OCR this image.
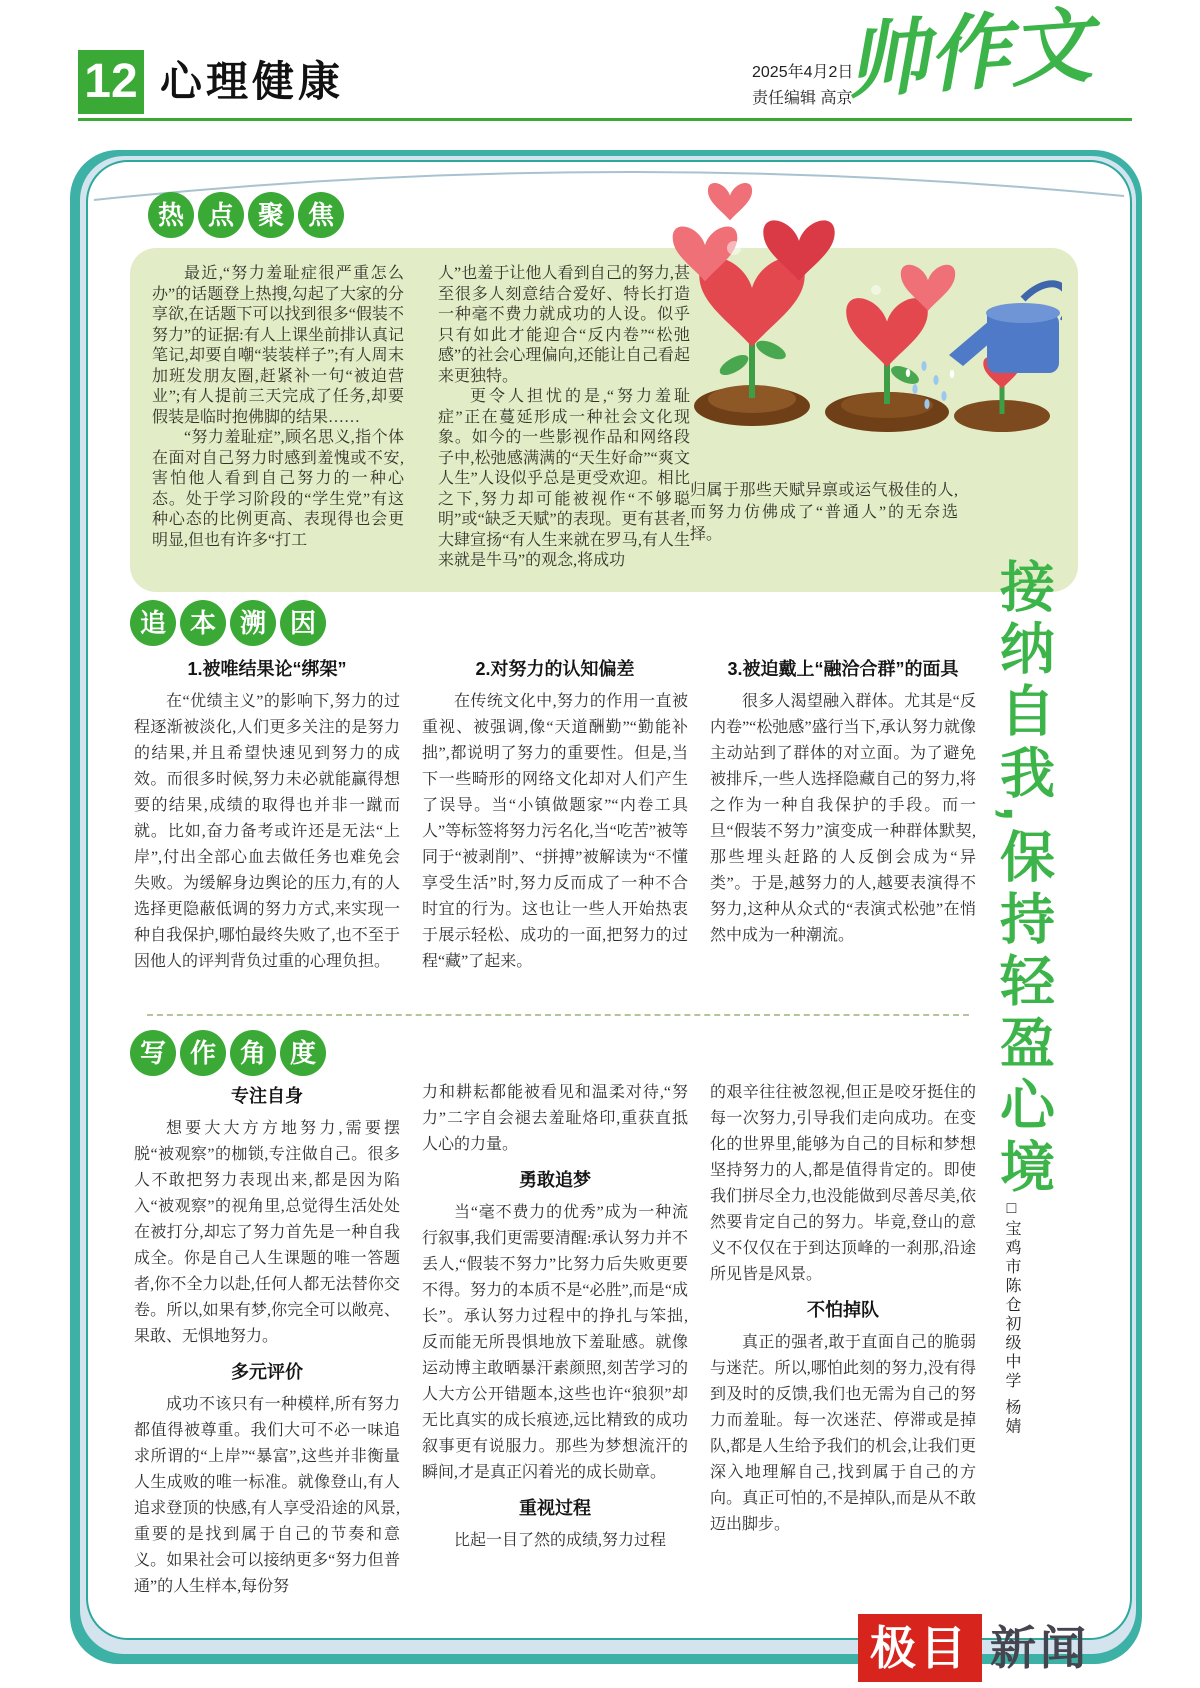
12 心理健康	2025年4月2日
责任编辑 高京
帅作文
热 点 聚 焦

最近,“努力羞耻症很严重怎么办”的话题登上热搜,勾起了大家的分享欲,在话题下可以找到很多“假装不努力”的证据:有人上课坐前排认真记笔记,却要自嘲“装装样子”;有人周末加班发朋友圈,赶紧补一句“被迫营业”;有人提前三天完成了任务,却要假装是临时抱佛脚的结果……

“努力羞耻症”,顾名思义,指个体在面对自己努力时感到羞愧或不安,害怕他人看到自己努力的一种心态。处于学习阶段的“学生党”有这种心态的比例更高、表现得也会更明显,但也有许多“打工

人”也羞于让他人看到自己的努力,甚至很多人刻意结合爱好、特长打造一种毫不费力就成功的人设。似乎只有如此才能迎合“反内卷”“松弛感”的社会心理偏向,还能让自己看起来更独特。

更令人担忧的是,“努力羞耻症”正在蔓延形成一种社会文化现象。如今的一些影视作品和网络段子中,松弛感满满的“天生好命”“爽文人生”人设似乎总是更受欢迎。相比之下,努力却可能被视作“不够聪明”或“缺乏天赋”的表现。更有甚者,大肆宣扬“有人生来就在罗马,有人生来就是牛马”的观念,将成功

归属于那些天赋异禀或运气极佳的人,而努力仿佛成了“普通人”的无奈选择。
追 本 溯 因
1.被唯结果论“绑架”

在“优绩主义”的影响下,努力的过程逐渐被淡化,人们更多关注的是努力的结果,并且希望快速见到努力的成效。而很多时候,努力未必就能赢得想要的结果,成绩的取得也并非一蹴而就。比如,奋力备考或许还是无法“上岸”,付出全部心血去做任务也难免会失败。为缓解身边舆论的压力,有的人选择更隐蔽低调的努力方式,来实现一种自我保护,哪怕最终失败了,也不至于因他人的评判背负过重的心理负担。

2.对努力的认知偏差

在传统文化中,努力的作用一直被重视、被强调,像“天道酬勤”“勤能补拙”,都说明了努力的重要性。但是,当下一些畸形的网络文化却对人们产生了误导。当“小镇做题家”“内卷工具人”等标签将努力污名化,当“吃苦”被等同于“被剥削”、“拼搏”被解读为“不懂享受生活”时,努力反而成了一种不合时宜的行为。这也让一些人开始热衷于展示轻松、成功的一面,把努力的过程“藏”了起来。

3.被迫戴上“融洽合群”的面具

很多人渴望融入群体。尤其是“反内卷”“松弛感”盛行当下,承认努力就像主动站到了群体的对立面。为了避免被排斥,一些人选择隐藏自己的努力,将之作为一种自我保护的手段。而一旦“假装不努力”演变成一种群体默契,那些埋头赶路的人反倒会成为“异类”。于是,越努力的人,越要表演得不努力,这种从众式的“表演式松弛”在悄然中成为一种潮流。

写 作 角 度
专注自身

想要大大方方地努力,需要摆脱“被观察”的枷锁,专注做自己。很多人不敢把努力表现出来,都是因为陷入“被观察”的视角里,总觉得生活处处在被打分,却忘了努力首先是一种自我成全。你是自己人生课题的唯一答题者,你不全力以赴,任何人都无法替你交卷。所以,如果有梦,你完全可以敞亮、果敢、无惧地努力。

多元评价

成功不该只有一种模样,所有努力都值得被尊重。我们大可不必一味追求所谓的“上岸”“暴富”,这些并非衡量人生成败的唯一标准。就像登山,有人追求登顶的快感,有人享受沿途的风景,重要的是找到属于自己的节奏和意义。如果社会可以接纳更多“努力但普通”的人生样本,每份努

力和耕耘都能被看见和温柔对待,“努力”二字自会褪去羞耻烙印,重获直抵人心的力量。

勇敢追梦

当“毫不费力的优秀”成为一种流行叙事,我们更需要清醒:承认努力并不丢人,“假装不努力”比努力后失败更要不得。努力的本质不是“必胜”,而是“成长”。承认努力过程中的挣扎与笨拙,反而能无所畏惧地放下羞耻感。就像运动博主敢晒暴汗素颜照,刻苦学习的人大方公开错题本,这些也许“狼狈”却无比真实的成长痕迹,远比精致的成功叙事更有说服力。那些为梦想流汗的瞬间,才是真正闪着光的成长勋章。

重视过程

比起一目了然的成绩,努力过程

的艰辛往往被忽视,但正是咬牙挺住的每一次努力,引导我们走向成功。在变化的世界里,能够为自己的目标和梦想坚持努力的人,都是值得肯定的。即使我们拼尽全力,也没能做到尽善尽美,依然要肯定自己的努力。毕竟,登山的意义不仅仅在于到达顶峰的一刹那,沿途所见皆是风景。

不怕掉队

真正的强者,敢于直面自己的脆弱与迷茫。所以,哪怕此刻的努力,没有得到及时的反馈,我们也无需为自己的努力而羞耻。每一次迷茫、停滞或是掉队,都是人生给予我们的机会,让我们更深入地理解自己,找到属于自己的方向。真正可怕的,不是掉队,而是从不敢迈出脚步。

接纳自我,保持轻盈心境
□宝鸡市陈仓初级中学 杨婧
极目 新闻
